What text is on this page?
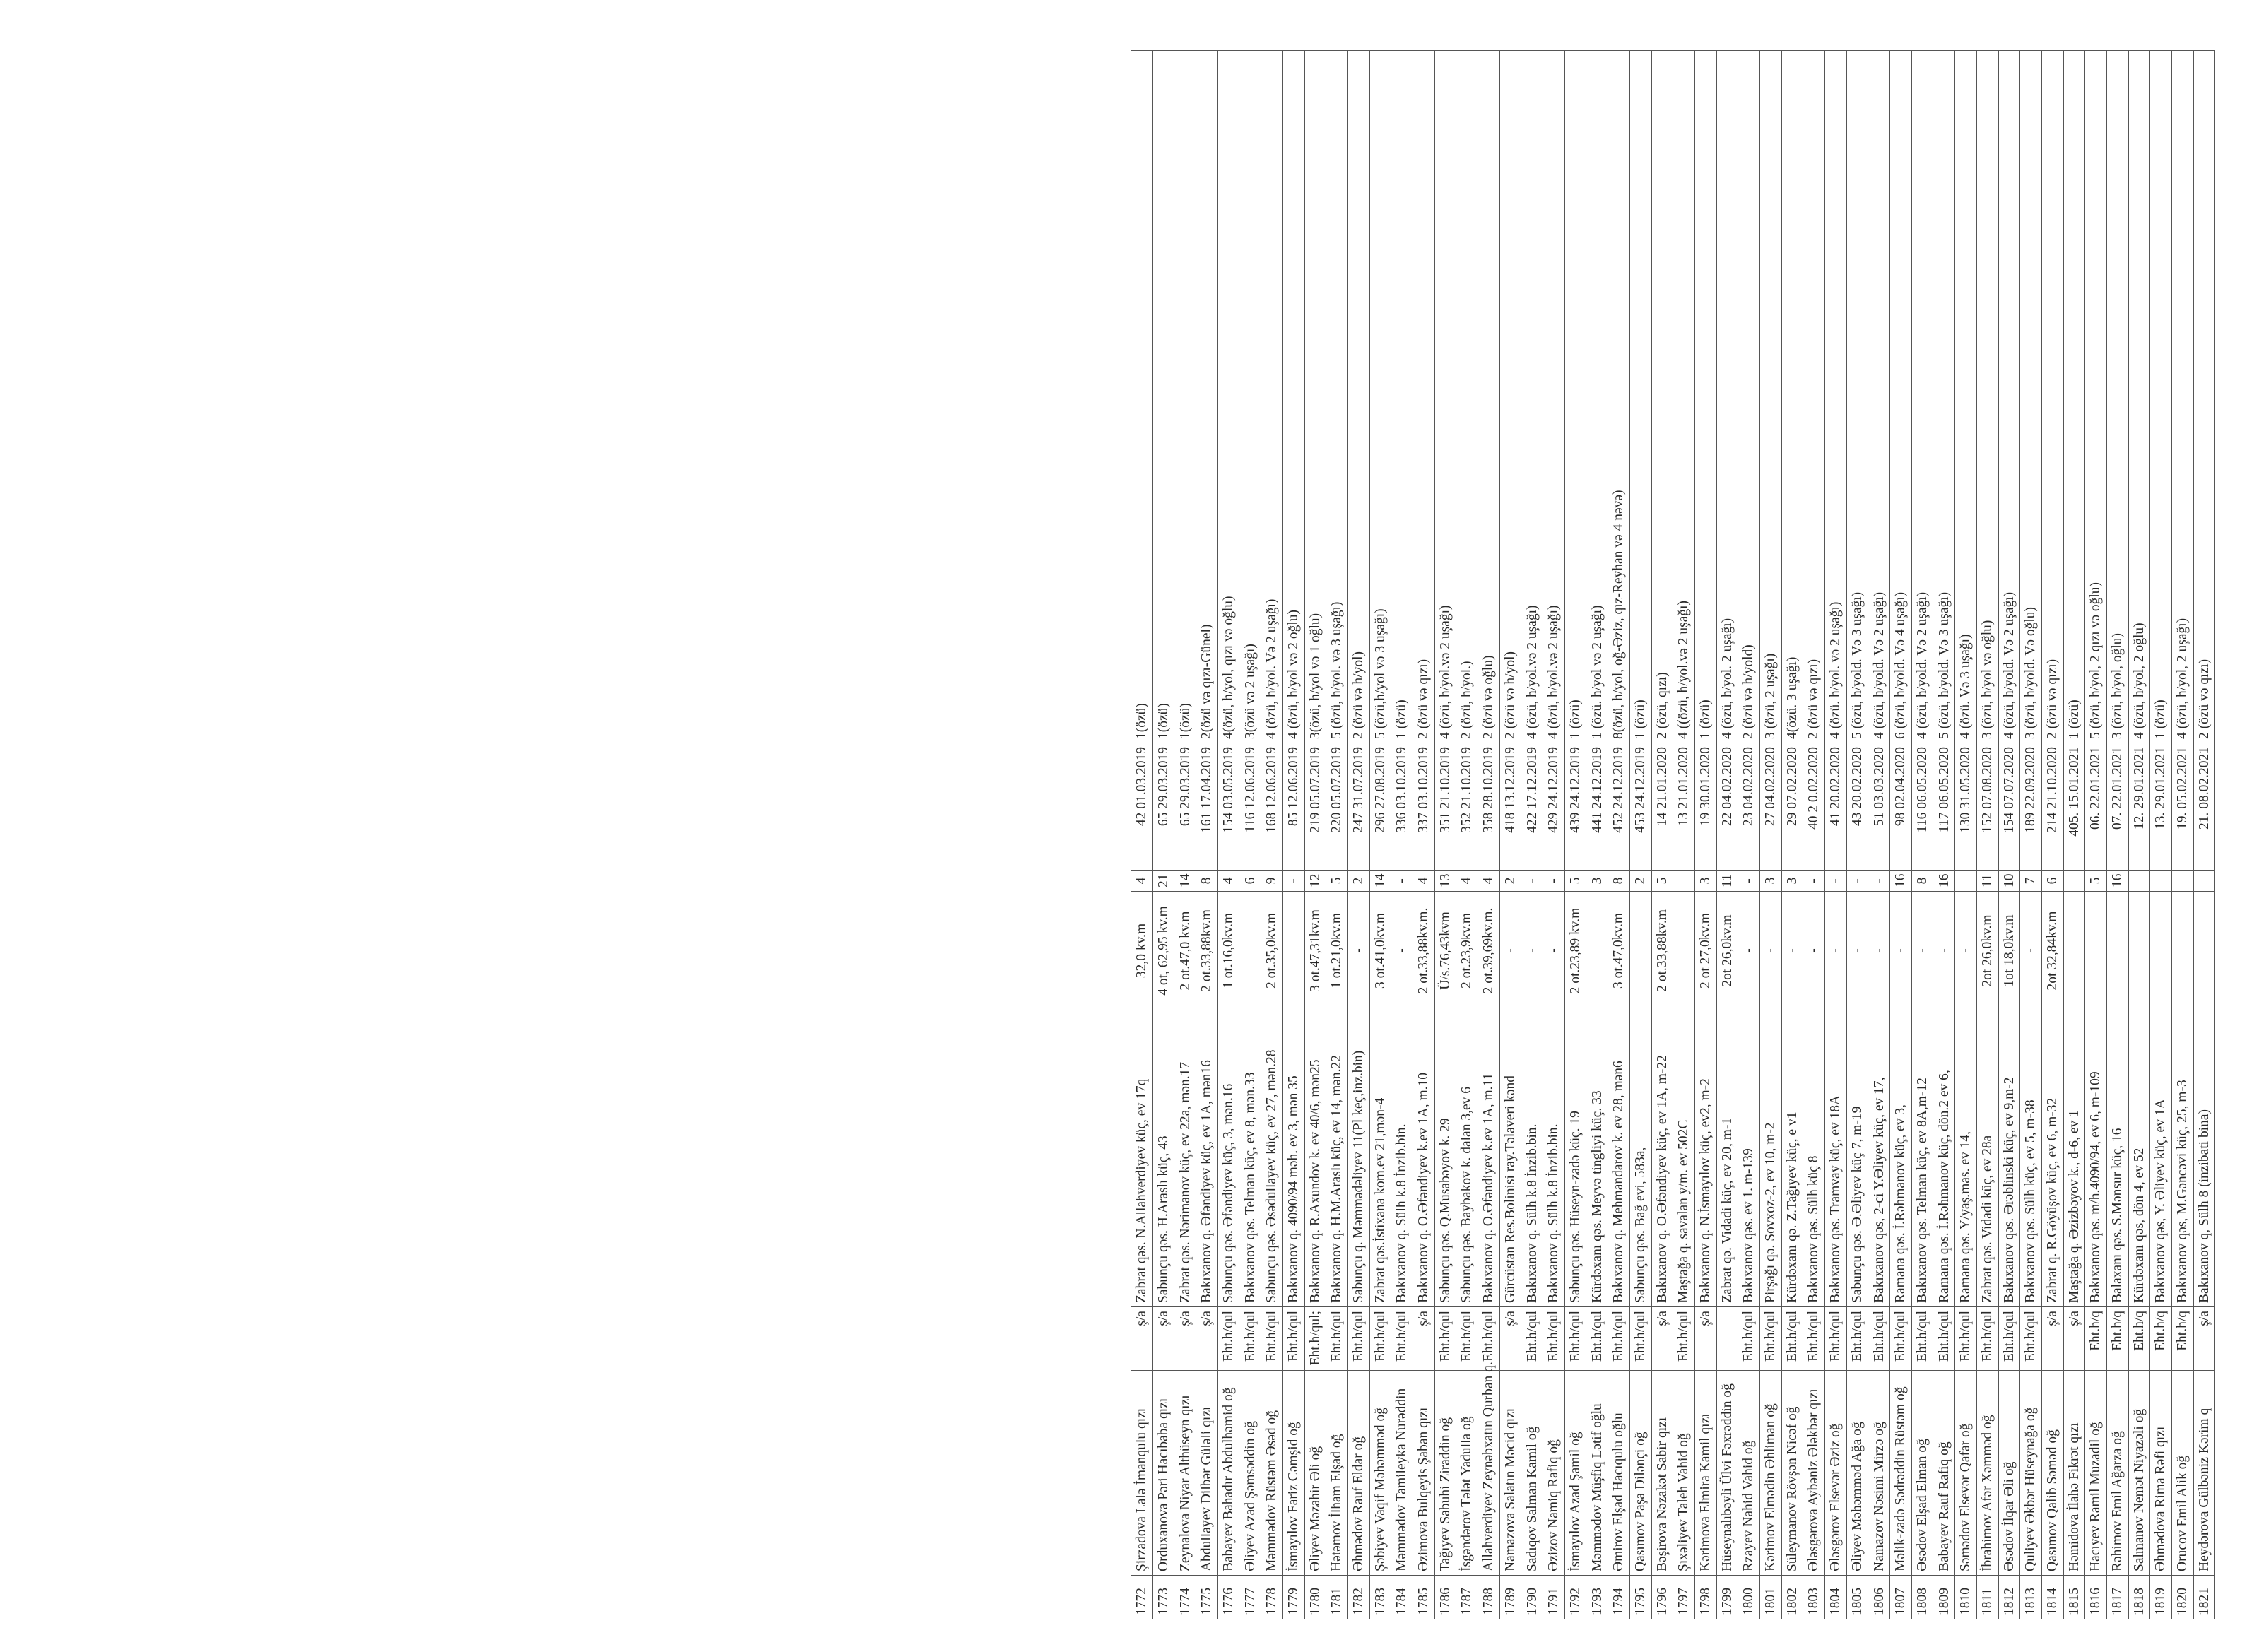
1772	Şirzadova Lalə İmanqulu qızı	ş/a	Zabrat qəs. N.Allahverdiyev küç, ev 17q	32,0 kv.m	4	42 01.03.2019	1(özü)
1773	Orduxanova Pəri Hacıbaba qızı	ş/a	Sabunçu qəs. H.Araslı küç, 43	4 ot, 62,95 kv.m	21	65 29.03.2019	1(özü)
1774	Zeynalova Niyar Althüseyn qızı	ş/a	Zabrat qəs. Nərimanov küç, ev 22a, mən.17	2 ot.47,0 kv.m	14	65 29.03.2019	1(özü)
1775	Abdullayev Dilbər Güləli qızı	ş/a	Bakıxanov q. Əfəndiyev küç, ev 1A, mən16	2 ot.33,88kv.m	8	161 17.04.2019	2(özü və qızı-Günel)
1776	Babayev Bahadır Abdulhəmid oğ	Eht.h/qul	Sabunçu qəs. Əfəndiyev küç, 3, mən.16	1 ot.16,0kv.m	4	154 03.05.2019	4(özü, h/yol, qızı və oğlu)
1777	Əliyev Azad Şəmsəddin oğ	Eht.h/qul	Bakıxanov qəs. Telman küç, ev 8, mən.33		6	116 12.06.2019	3(özü və 2 uşağı)
1778	Məmmədov Rüstəm Əsəd oğ	Eht.h/qul	Sabunçu qəs. Əsədullayev küç, ev 27, mən.28	2 ot.35,0kv.m	9	168 12.06.2019	4 (özü, h/yol. Və 2 uşağı)
1779	İsmayılov Fariz Cəmşid oğ	Eht.h/qul	Bakıxanov q. 4090/94 məh. ev 3, mən 35		-	85 12.06.2019	4 (özü, h/yol və 2 oğlu)
1780	Əliyev Məzahir Əli oğ	Eht.h/qul;	Bakıxanov q. R.Axundov k. ev 40/6, mən25	3 ot.47,31kv.m	12	219 05.07.2019	3(özü, h/yol və 1 oğlu)
1781	Hətəmov İlham Elşad oğ	Eht.h/qul	Bakıxanov q. H.M.Araslı küç, ev 14, mən.22	1 ot.21,0kv.m	5	220 05.07.2019	5 (özü, h/yol. və 3 uşağı)
1782	Əhmədov Rauf Eldar oğ	Eht.h/qul	Sabunçu q. Məmmədəliyev 11(Pl keç,inz.bin)	-	2	247 31.07.2019	2 (özü və h/yol)
1783	Şəbiyev Vaqif Məhəmməd oğ	Eht.h/qul	Zabrat qəs.İstixana kom.ev 21,mən-4	3 ot.41,0kv.m	14	296 27.08.2019	5 (özü,h/yol və 3 uşağı)
1784	Məmmədov Tamileyka Nurəddin	Eht.h/qul	Bakıxanov q. Sülh k.8 İnzib.bin.	-	-	336 03.10.2019	1 (özü)
1785	Əzimova Bulqeyis Şaban qızı	ş/a	Bakıxanov q. O.Əfəndiyev k.ev 1A, m.10	2 ot.33,88kv.m.	4	337 03.10.2019	2 (özü və qızı)
1786	Tağıyev Sabuhi Ziraddin oğ	Eht.h/qul	Sabunçu qəs. Q.Musabəyov k. 29	Ü/s.76,43kvm	13	351 21.10.2019	4 (özü, h/yol.və 2 uşağı)
1787	İsgəndərov Tələt Yadulla oğ	Eht.h/qul	Sabunçu qəs. Baybakov k. dalan 3,ev 6	2 ot.23,9kv.m	4	352 21.10.2019	2 (özü, h/yol.)
1788	Allahverdiyev Zeynəbxatın Qurban q.	Eht.h/qul	Bakıxanov q. O.Əfəndiyev k.ev 1A, m.11	2 ot.39,69kv.m.	4	358 28.10.2019	2 (özü və oğlu)
1789	Namazova Salatın Məcid qızı	ş/a	Gürcüstan Res.Bolinisi ray.Təlaveri kənd	-	2	418 13.12.2019	2 (özü və h/yol)
1790	Sadıqov Salman Kamil oğ	Eht.h/qul	Bakıxanov q. Sülh k.8 İnzib.bin.	-	-	422 17.12.2019	4 (özü, h/yol.və 2 uşağı)
1791	Əzizov Namiq Rafiq oğ	Eht.h/qul	Bakıxanov q. Sülh k.8 İnzib.bin.	-	-	429 24.12.2019	4 (özü, h/yol.və 2 uşağı)
1792	İsmayılov Azad Şamil oğ	Eht.h/qul	Sabunçu qəs. Hüseyn-zadə küç. 19	2 ot.23,89 kv.m	5	439 24.12.2019	1 (özü)
1793	Məmmədov Müşfiq Lətif oğlu	Eht.h/qul	Kürdəxanı qəs. Meyvə tingliyi küç. 33		3	441 24.12.2019	1 (özü. h/yol və 2 uşağı)
1794	Əmirov Elşad Hacıqulu oğlu	Eht.h/qul	Bakıxanov q. Mehmandarov k. ev 28, mən6	3 ot.47,0kv.m	8	452 24.12.2019	8(özü, h/yol, oğ-Əziz, qız-Reyhan və 4 nəvə)
1795	Qasımov Paşa Dilənçi oğ	Eht.h/qul	Sabunçu qəs. Bağ evi, 583a,		2	453 24.12.2019	1 (özü)
1796	Bəşirova Nəzakət Sabir qızı	ş/a	Bakıxanov q. O.Əfəndiyev küç, ev 1A, m-22	2 ot.33,88kv.m	5	14 21.01.2020	2 (özü, qızı)
1797	Şıxəliyev Taleh Vahid oğ	Eht.h/qul	Maştağa q. savalan y/m. ev 502C			13 21.01.2020	4 ((özü, h/yol.və 2 uşağı)
1798	Kərimova Elmira Kamil qızı	ş/a	Bakıxanov q. N.İsmayılov küç, ev2, m-2	2 ot 27,0kv.m	3	19 30.01.2020	1 (özü)
1799	Hüseynalıbəyli Ülvi Fəxrəddin oğ		Zabrat qə. Vidadi küç, ev 20, m-1	2ot 26,0kv.m	11	22 04.02.2020	4 (özü, h/yol. 2 uşağı)
1800	Rzayev Nahid Vahid oğ	Eht.h/qul	Bakıxanov qəs. ev 1. m-139	-	-	23 04.02.2020	2 (özü və h/yold)
1801	Kərimov Elmədin Əhliman oğ	Eht.h/qul	Pirşağı qə. Sovxoz-2, ev 10, m-2	-	3	27 04.02.2020	3 (özü, 2 uşağı)
1802	Süleymanov Rövşən Nicəf oğ	Eht.h/qul	Kürdəxanı qə. Z.Tağıyev küç, e v1	-	3	29 07.02.2020	4(özü. 3 uşağı)
1803	Ələsgərova Aybəniz Ələkbər qızı	Eht.h/qul	Bakıxanov qəs. Sülh küç 8	-	-	40 2 0.02.2020	2 (özü və qızı)
1804	Ələsgərov Elsevər Əziz oğ	Eht.h/qul	Bakıxanov qəs. Tramvay küç, ev 18A	-	-	41 20.02.2020	4 (özü. h/yol. və 2 uşağı)
1805	Əliyev Məhəmməd Ağa oğ	Eht.h/qul	Sabunçu qəs. Ə.Əliyev küç 7, m-19	-	-	43 20.02.2020	5 (özü, h/yold. Və 3 uşağı)
1806	Namazov Nəsimi Mirzə oğ	Eht.h/qul	Bakıxanov qəs, 2-ci Y.Əliyev küç, ev 17,	-	-	51 03.03.2020	4 (özü, h/yold. Və 2 uşağı)
1807	Məlik-zadə Sədrəddin Rüstəm oğ	Eht.h/qul	Ramana qəs. İ.Rəhmanov küç, ev 3,	-	16	98 02.04.2020	6 (özü, h/yold. Və 4 uşağı)
1808	Əsədov Elşad Elman oğ	Eht.h/qul	Bakıxanov qəs. Telman küç, ev 8A,m-12	-	8	116 06.05.2020	4 (özü, h/yold. Və 2 uşağı)
1809	Babayev Rauf Rafiq oğ	Eht.h/qul	Ramana qəs. İ.Rəhmanov küç, dön.2 ev 6,	-	16	117 06.05.2020	5 (özü, h/yold. Və 3 uşağı)
1810	Səmədov Elsevər Qafar oğ	Eht.h/qul	Ramana qəs. Y/yaş.mas. ev 14,	-		130 31.05.2020	4 (özü. Və 3 uşağı)
1811	İbrahimov Afər Xəmməd oğ	Eht.h/qul	Zabrat qəs. Vidadi küç, ev 28a	2ot 26,0kv.m	11	152 07.08.2020	3 (özü, h/yol və oğlu)
1812	Əsədov İlqar Əli oğ	Eht.h/qul	Bakıxanov qəs. Ərəblinski küç, ev 9,m-2	1ot 18,0kv.m	10	154 07.07.2020	4 (özü, h/yold. Və 2 uşağı)
1813	Quliyev Əkbər Hüseynağa oğ	Eht.h/qul	Bakıxanov qəs. Sülh küç, ev 5, m-38	-	7	189 22.09.2020	3 (özü, h/yold. Və oğlu)
1814	Qasımov Qalib Səməd oğ	ş/a	Zabrat q. R.Göyüşov küç, ev 6, m-32	2ot 32,84kv.m	6	214 21.10.2020	2 (özü və qızı)
1815	Həmidova İlahə Fikrət qızı	ş/a	Maştağa q. Əzizbəyov k., d-6, ev 1			405. 15.01.2021	1 (özü)
1816	Hacıyev Ramil Muzadil oğ	Eht.h/q	Bakıxanov qəs. m/h.4090/94, ev 6, m-109		5	06. 22.01.2021	5 (özü, h/yol, 2 qızı və oğlu)
1817	Rəhimov Emil Ağarza oğ	Eht.h/q	Balaxanı qəs. S.Mənsur küç, 16		16	07. 22.01.2021	3 (özü, h/yol, oğlu)
1818	Salmanov Nemət Niyazəli oğ	Eht.h/q	Kürdəxanı qəs, dön 4, ev 52			12. 29.01.2021	4 (özü, h/yol, 2 oğlu)
1819	Əhmədova Rima Rəfi qızı	Eht.h/q	Bakıxanov qəs, Y. Əliyev küç, ev 1A			13. 29.01.2021	1 (özü)
1820	Orucov Emil Alik oğ	Eht.h/q	Bakıxanov qəs, M.Gəncəvi küç, 25, m-3			19. 05.02.2021	4 (özü, h/yol, 2 uşağı)
1821	Heydərova Gülbəniz Kərim q	ş/a	Bakıxanov q, Sülh 8 (inzibati bina)			21. 08.02.2021	2 (özü və qızı)
